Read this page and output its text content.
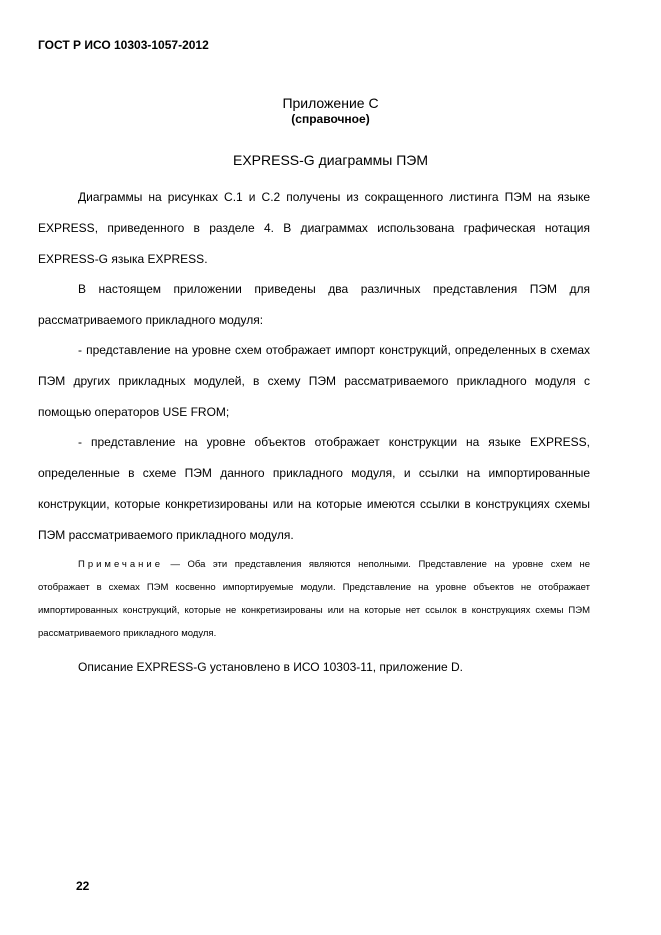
ГОСТ Р ИСО 10303-1057-2012
Приложение С
(справочное)
EXPRESS-G диаграммы ПЭМ
Диаграммы на рисунках С.1 и С.2 получены из сокращенного листинга ПЭМ на языке EXPRESS, приведенного в разделе 4. В диаграммах использована графическая нотация EXPRESS-G языка EXPRESS.
В настоящем приложении приведены два различных представления ПЭМ для рассматриваемого прикладного модуля:
- представление на уровне схем отображает импорт конструкций, определенных в схемах ПЭМ других прикладных модулей, в схему ПЭМ рассматриваемого прикладного модуля с помощью операторов USE FROM;
- представление на уровне объектов отображает конструкции на языке EXPRESS, определенные в схеме ПЭМ данного прикладного модуля, и ссылки на импортированные конструкции, которые конкретизированы или на которые имеются ссылки в конструкциях схемы ПЭМ рассматриваемого прикладного модуля.
Примечание — Оба эти представления являются неполными. Представление на уровне схем не отображает в схемах ПЭМ косвенно импортируемые модули. Представление на уровне объектов не отображает импортированных конструкций, которые не конкретизированы или на которые нет ссылок в конструкциях схемы ПЭМ рассматриваемого прикладного модуля.
Описание EXPRESS-G установлено в ИСО 10303-11, приложение D.
22
